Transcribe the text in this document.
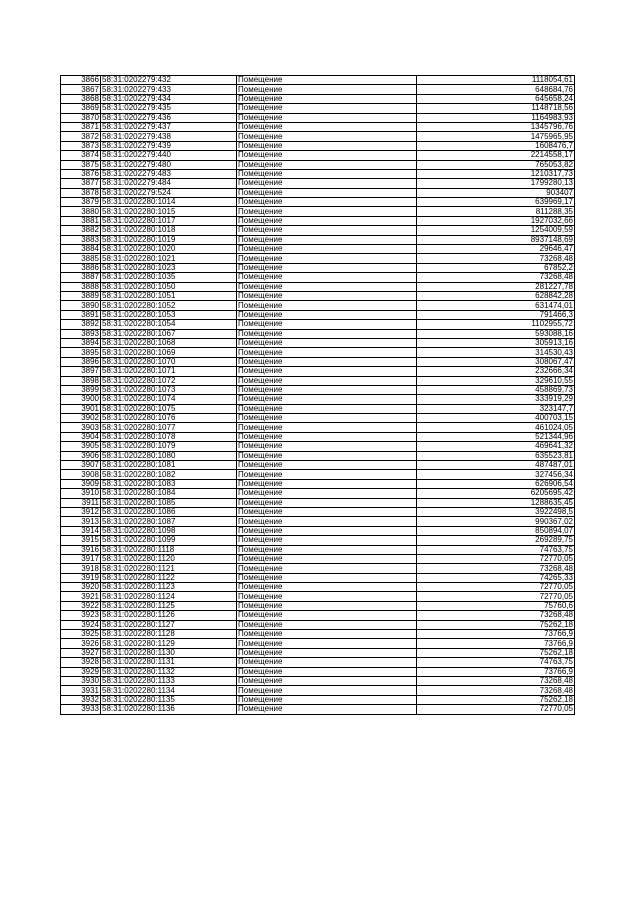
3866	58:31:0202279:432	Помещение	1118054,61
3867	58:31:0202279:433	Помещение	648684,76
3868	58:31:0202279:434	Помещение	645658,24
3869	58:31:0202279:435	Помещение	1148718,56
3870	58:31:0202279:436	Помещение	1164983,93
3871	58:31:0202279:437	Помещение	1345796,76
3872	58:31:0202279:438	Помещение	1475965,95
3873	58:31:0202279:439	Помещение	1608476,7
3874	58:31:0202279:440	Помещение	2214558,17
3875	58:31:0202279:480	Помещение	765053,82
3876	58:31:0202279:483	Помещение	1210317,73
3877	58:31:0202279:484	Помещение	1799280,13
3878	58:31:0202279:524	Помещение	903407
3879	58:31:0202280:1014	Помещение	639969,17
3880	58:31:0202280:1015	Помещение	811288,35
3881	58:31:0202280:1017	Помещение	1927032,66
3882	58:31:0202280:1018	Помещение	1254009,59
3883	58:31:0202280:1019	Помещение	8937148,69
3884	58:31:0202280:1020	Помещение	29646,47
3885	58:31:0202280:1021	Помещение	73268,48
3886	58:31:0202280:1023	Помещение	67852,2
3887	58:31:0202280:1035	Помещение	73268,48
3888	58:31:0202280:1050	Помещение	281227,78
3889	58:31:0202280:1051	Помещение	628842,28
3890	58:31:0202280:1052	Помещение	631474,01
3891	58:31:0202280:1053	Помещение	791466,3
3892	58:31:0202280:1054	Помещение	1102955,72
3893	58:31:0202280:1067	Помещение	593088,16
3894	58:31:0202280:1068	Помещение	305913,16
3895	58:31:0202280:1069	Помещение	314530,43
3896	58:31:0202280:1070	Помещение	308067,47
3897	58:31:0202280:1071	Помещение	232666,34
3898	58:31:0202280:1072	Помещение	329610,55
3899	58:31:0202280:1073	Помещение	458869,73
3900	58:31:0202280:1074	Помещение	333919,29
3901	58:31:0202280:1075	Помещение	323147,7
3902	58:31:0202280:1076	Помещение	400703,15
3903	58:31:0202280:1077	Помещение	461024,05
3904	58:31:0202280:1078	Помещение	521344,96
3905	58:31:0202280:1079	Помещение	469641,32
3906	58:31:0202280:1080	Помещение	635523,81
3907	58:31:0202280:1081	Помещение	487487,01
3908	58:31:0202280:1082	Помещение	327456,34
3909	58:31:0202280:1083	Помещение	626906,54
3910	58:31:0202280:1084	Помещение	6205695,42
3911	58:31:0202280:1085	Помещение	1288635,45
3912	58:31:0202280:1086	Помещение	3922498,5
3913	58:31:0202280:1087	Помещение	990367,02
3914	58:31:0202280:1098	Помещение	850894,07
3915	58:31:0202280:1099	Помещение	269289,75
3916	58:31:0202280:1118	Помещение	74763,75
3917	58:31:0202280:1120	Помещение	72770,05
3918	58:31:0202280:1121	Помещение	73268,48
3919	58:31:0202280:1122	Помещение	74265,33
3920	58:31:0202280:1123	Помещение	72770,05
3921	58:31:0202280:1124	Помещение	72770,05
3922	58:31:0202280:1125	Помещение	75760,6
3923	58:31:0202280:1126	Помещение	73268,48
3924	58:31:0202280:1127	Помещение	75262,18
3925	58:31:0202280:1128	Помещение	73766,9
3926	58:31:0202280:1129	Помещение	73766,9
3927	58:31:0202280:1130	Помещение	75262,18
3928	58:31:0202280:1131	Помещение	74763,75
3929	58:31:0202280:1132	Помещение	73766,9
3930	58:31:0202280:1133	Помещение	73268,48
3931	58:31:0202280:1134	Помещение	73268,48
3932	58:31:0202280:1135	Помещение	75262,18
3933	58:31:0202280:1136	Помещение	72770,05
